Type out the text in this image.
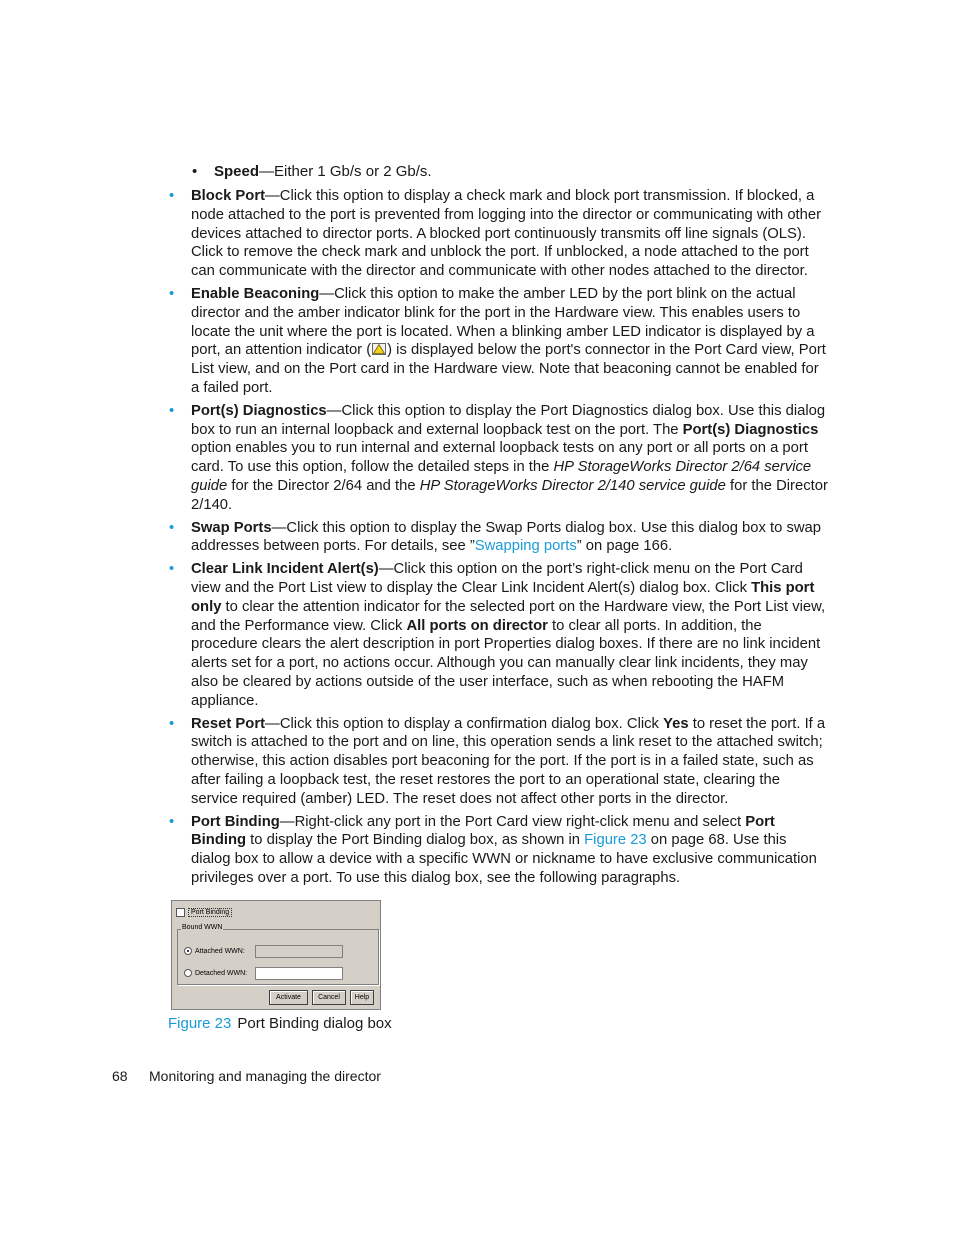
• Speed—Either 1 Gb/s or 2 Gb/s.
• Block Port—Click this option to display a check mark and block port transmission. If blocked, a node attached to the port is prevented from logging into the director or communicating with other devices attached to director ports. A blocked port continuously transmits off line signals (OLS). Click to remove the check mark and unblock the port. If unblocked, a node attached to the port can communicate with the director and communicate with other nodes attached to the director.
• Enable Beaconing—Click this option to make the amber LED by the port blink on the actual director and the amber indicator blink for the port in the Hardware view. This enables users to locate the unit where the port is located. When a blinking amber LED indicator is displayed by a port, an attention indicator ( ) is displayed below the port's connector in the Port Card view, Port List view, and on the Port card in the Hardware view. Note that beaconing cannot be enabled for a failed port.
• Port(s) Diagnostics—Click this option to display the Port Diagnostics dialog box. Use this dialog box to run an internal loopback and external loopback test on the port. The Port(s) Diagnostics option enables you to run internal and external loopback tests on any port or all ports on a port card. To use this option, follow the detailed steps in the HP StorageWorks Director 2/64 service guide for the Director 2/64 and the HP StorageWorks Director 2/140 service guide for the Director 2/140.
• Swap Ports—Click this option to display the Swap Ports dialog box. Use this dialog box to swap addresses between ports. For details, see ”Swapping ports” on page 166.
• Clear Link Incident Alert(s)—Click this option on the port’s right-click menu on the Port Card view and the Port List view to display the Clear Link Incident Alert(s) dialog box. Click This port only to clear the attention indicator for the selected port on the Hardware view, the Port List view, and the Performance view. Click All ports on director to clear all ports. In addition, the procedure clears the alert description in port Properties dialog boxes. If there are no link incident alerts set for a port, no actions occur. Although you can manually clear link incidents, they may also be cleared by actions outside of the user interface, such as when rebooting the HAFM appliance.
• Reset Port—Click this option to display a confirmation dialog box. Click Yes to reset the port. If a switch is attached to the port and on line, this operation sends a link reset to the attached switch; otherwise, this action disables port beaconing for the port. If the port is in a failed state, such as after failing a loopback test, the reset restores the port to an operational state, clearing the service required (amber) LED. The reset does not affect other ports in the director.
• Port Binding—Right-click any port in the Port Card view right-click menu and select Port Binding to display the Port Binding dialog box, as shown in Figure 23 on page 68. Use this dialog box to allow a device with a specific WWN or nickname to have exclusive communication privileges over a port. To use this dialog box, see the following paragraphs.
Port Binding
Bound WWN
Attached WWN:
Detached WWN:
Activate	Cancel	Help
Figure 23 Port Binding dialog box
68 Monitoring and managing the director
